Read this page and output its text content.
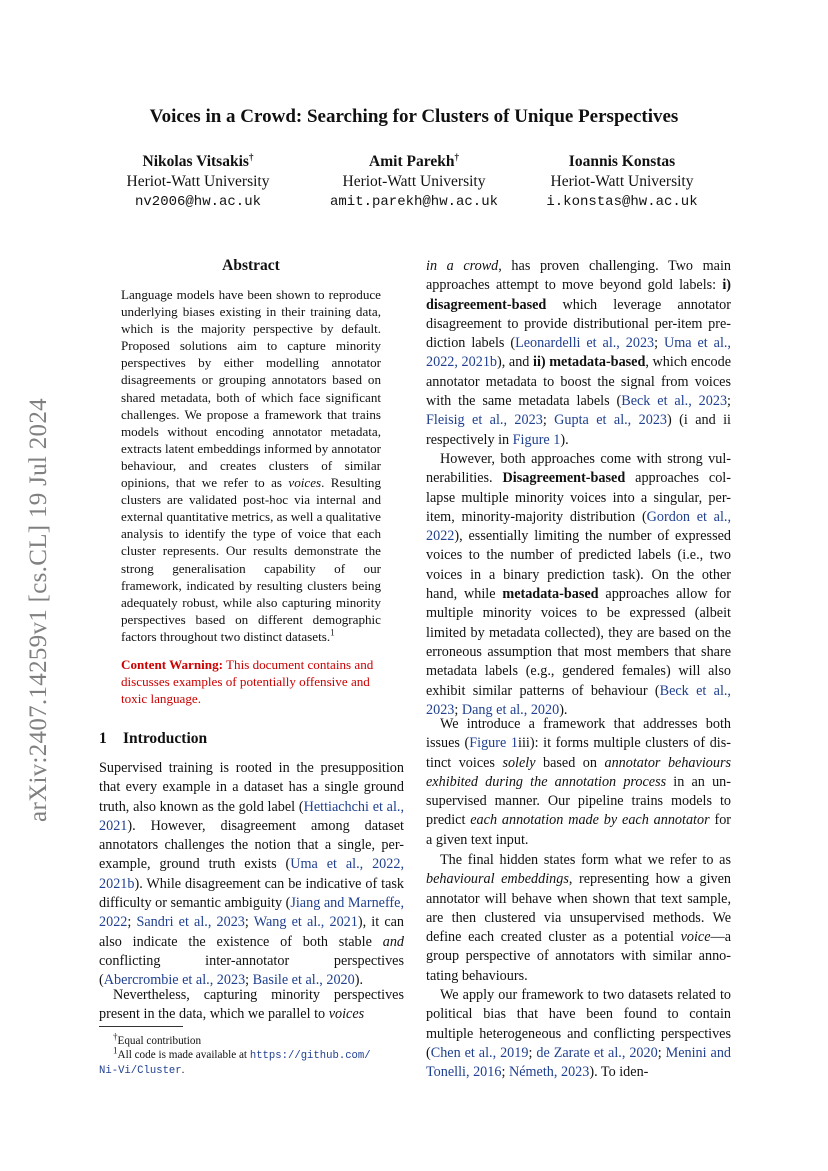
arXiv:2407.14259v1 [cs.CL] 19 Jul 2024
Voices in a Crowd: Searching for Clusters of Unique Perspectives
Nikolas Vitsakis†
Heriot-Watt University
nv2006@hw.ac.uk
Amit Parekh†
Heriot-Watt University
amit.parekh@hw.ac.uk
Ioannis Konstas
Heriot-Watt University
i.konstas@hw.ac.uk
Abstract

Language models have been shown to reproduce underlying biases existing in their training data, which is the majority perspective by default. Proposed solutions aim to capture minority perspectives by either modelling annotator disagreements or grouping annotators based on shared metadata, both of which face significant challenges. We propose a framework that trains models without encoding annotator metadata, extracts latent embeddings informed by annotator behaviour, and creates clusters of similar opinions, that we refer to as voices. Resulting clusters are validated post-hoc via internal and external quantitative metrics, as well a qualitative analysis to identify the type of voice that each cluster represents. Our results demonstrate the strong generalisation capability of our framework, indicated by resulting clusters being adequately robust, while also capturing minority perspectives based on different demographic factors throughout two distinct datasets.$^1$

Content Warning: This document contains and discusses examples of potentially offensive and toxic language.

1 Introduction

Supervised training is rooted in the presupposition that every example in a dataset has a single ground truth, also known as the gold label (Hettiachchi et al., 2021). However, disagreement among dataset annotators challenges the notion that a single, per-example, ground truth exists (Uma et al., 2022, 2021b). While disagreement can be indicative of task difficulty or semantic ambiguity (Jiang and Marneffe, 2022; Sandri et al., 2023; Wang et al., 2021), it can also indicate the existence of both stable and conflicting inter-annotator perspectives (Abercrombie et al., 2023; Basile et al., 2020).

Nevertheless, capturing minority perspectives present in the data, which we parallel to voices

†Equal contribution

$^1$All code is made available at https://github.com/
Ni-Vi/Cluster.

in a crowd, has proven challenging. Two main approaches attempt to move beyond gold labels: i) disagreement-based which leverage annotator disagreement to provide distributional per-item prediction labels (Leonardelli et al., 2023; Uma et al., 2022, 2021b), and ii) metadata-based, which encode annotator metadata to boost the signal from voices with the same metadata labels (Beck et al., 2023; Fleisig et al., 2023; Gupta et al., 2023) (i and ii respectively in Figure 1).

However, both approaches come with strong vulnerabilities. Disagreement-based approaches collapse multiple minority voices into a singular, per-item, minority-majority distribution (Gordon et al., 2022), essentially limiting the number of expressed voices to the number of predicted labels (i.e., two voices in a binary prediction task). On the other hand, while metadata-based approaches allow for multiple minority voices to be expressed (albeit limited by metadata collected), they are based on the erroneous assumption that most members that share metadata labels (e.g., gendered females) will also exhibit similar patterns of behaviour (Beck et al., 2023; Dang et al., 2020).

We introduce a framework that addresses both issues (Figure 1iii): it forms multiple clusters of distinct voices solely based on annotator behaviours exhibited during the annotation process in an unsupervised manner. Our pipeline trains models to predict each annotation made by each annotator for a given text input.

The final hidden states form what we refer to as behavioural embeddings, representing how a given annotator will behave when shown that text sample, are then clustered via unsupervised methods. We define each created cluster as a potential voice—a group perspective of annotators with similar annotating behaviours.

We apply our framework to two datasets related to political bias that have been found to contain multiple heterogeneous and conflicting perspectives (Chen et al., 2019; de Zarate et al., 2020; Menini and Tonelli, 2016; Németh, 2023). To iden-
